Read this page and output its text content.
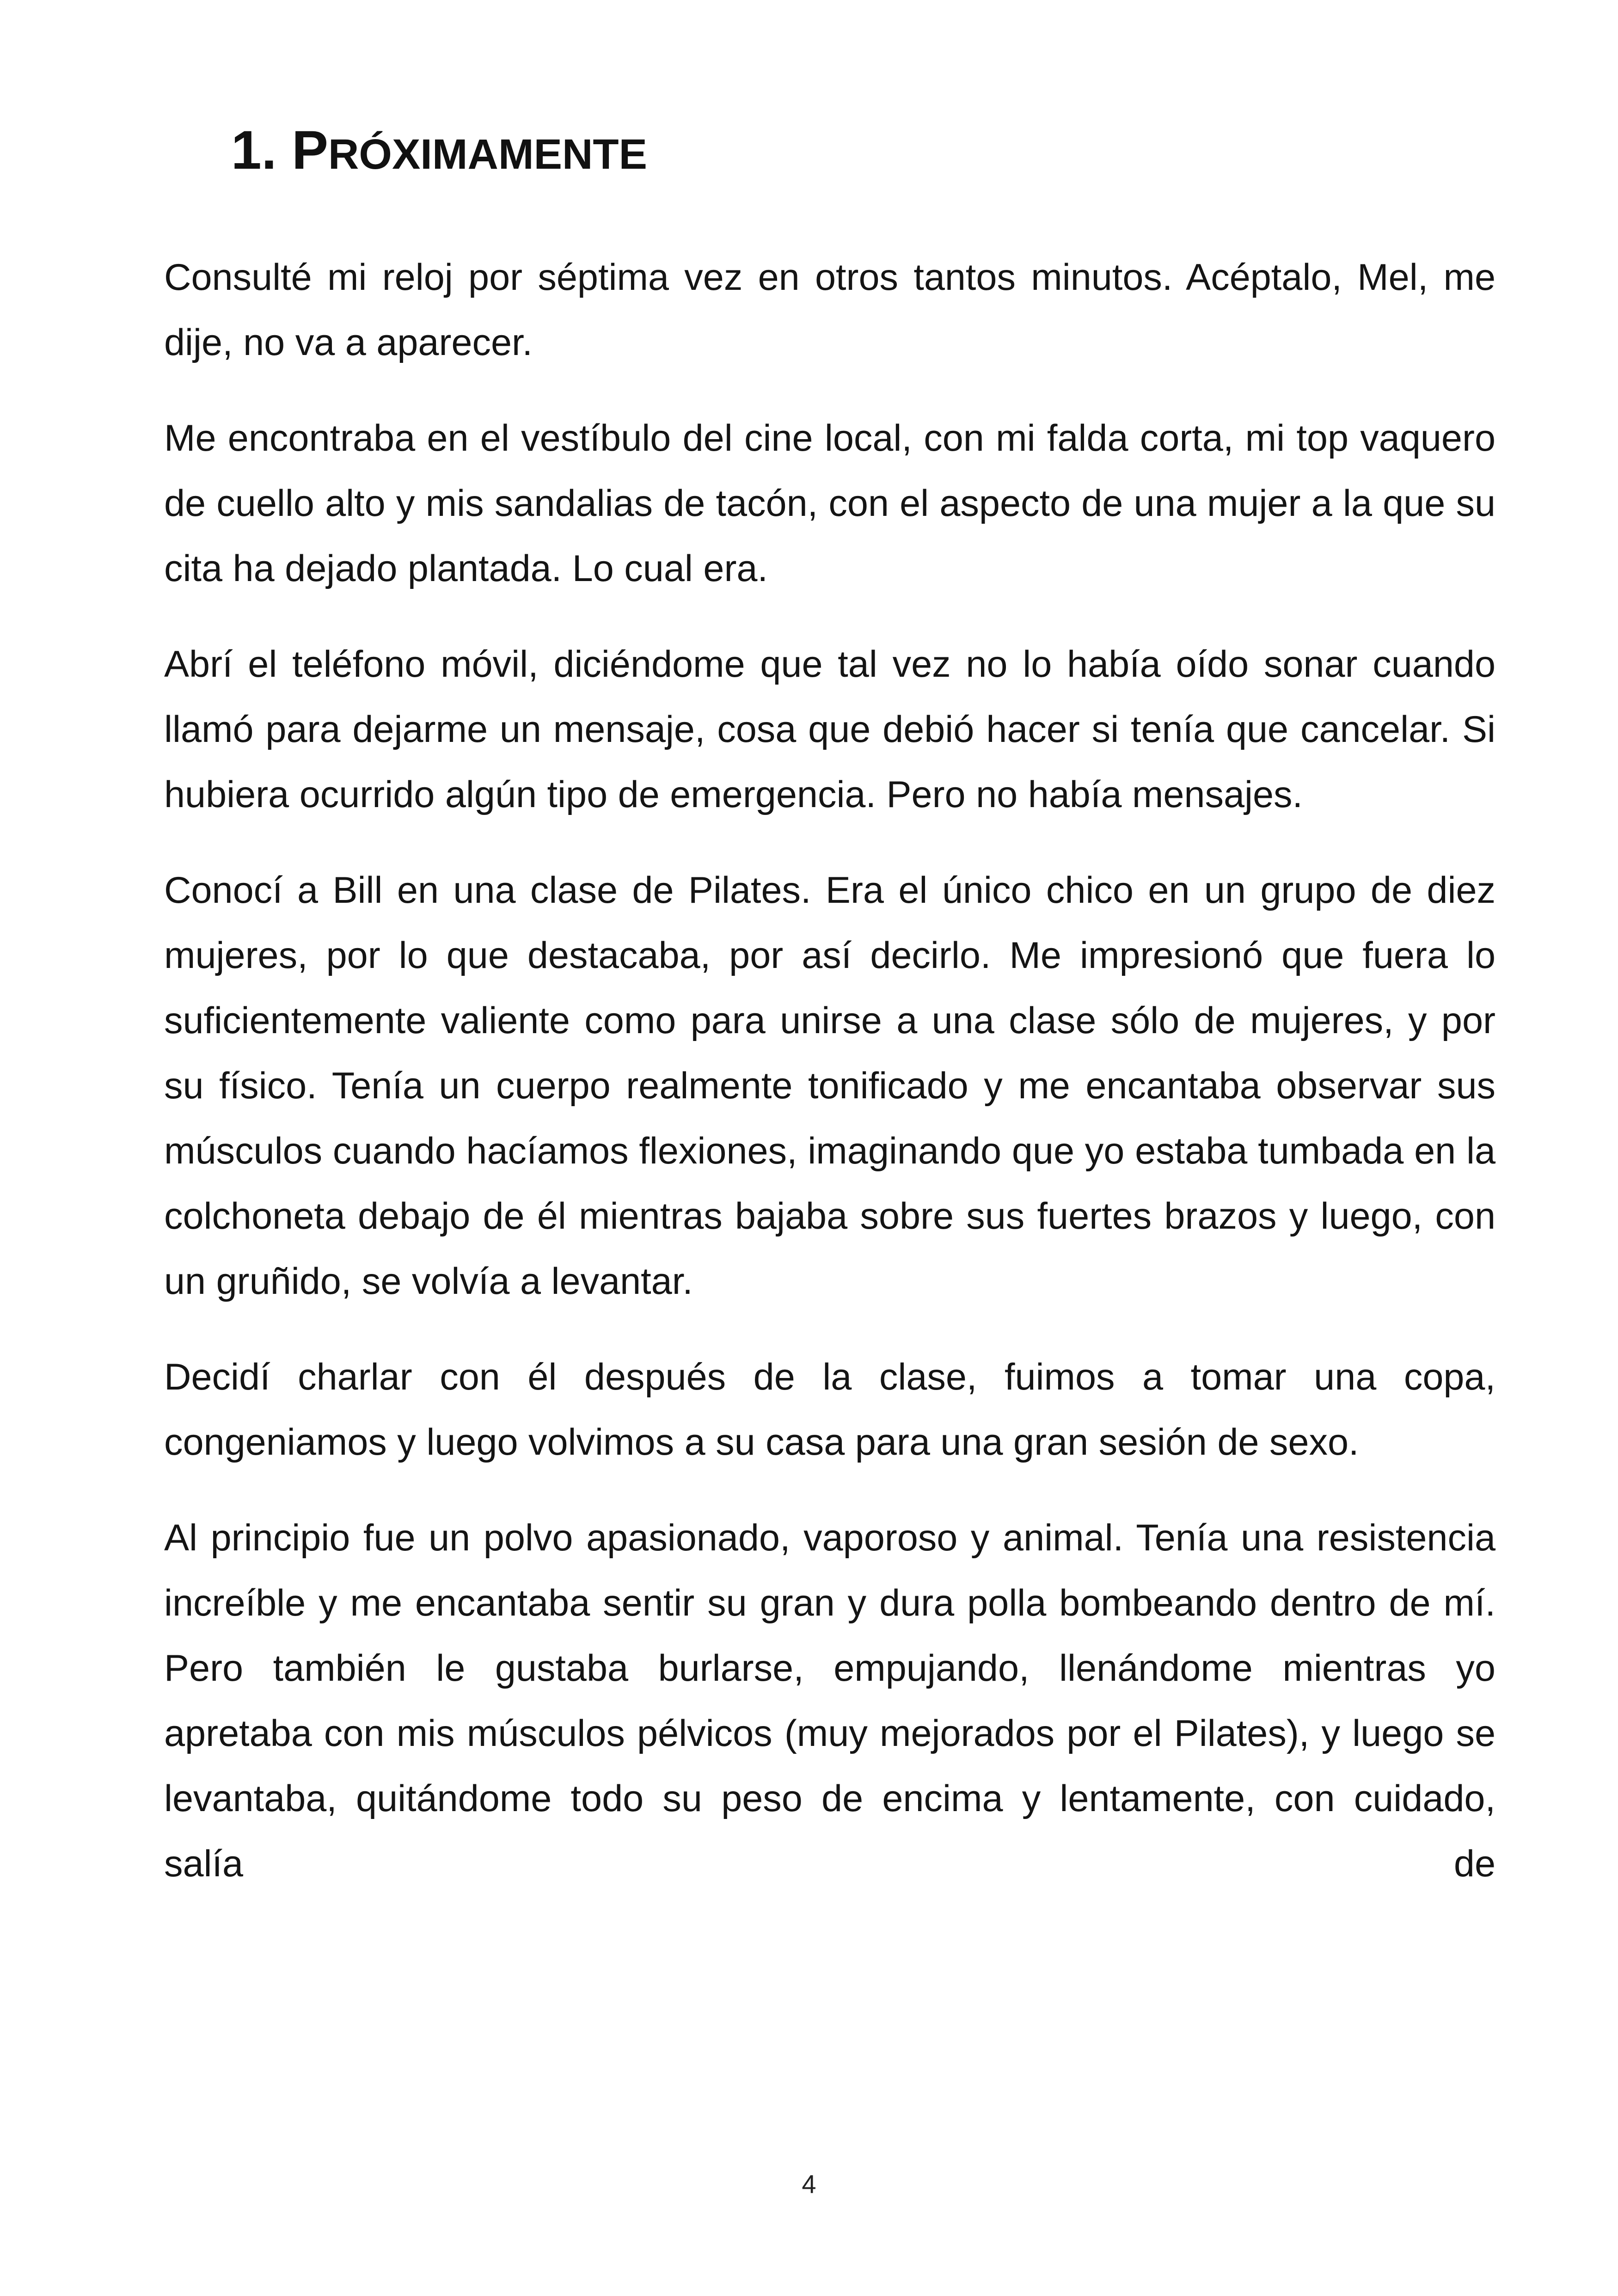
1. PRÓXIMAMENTE

Consulté mi reloj por séptima vez en otros tantos minutos. Acéptalo, Mel, me dije, no va a aparecer.

Me encontraba en el vestíbulo del cine local, con mi falda corta, mi top vaquero de cuello alto y mis sandalias de tacón, con el aspecto de una mujer a la que su cita ha dejado plantada. Lo cual era.

Abrí el teléfono móvil, diciéndome que tal vez no lo había oído sonar cuando llamó para dejarme un mensaje, cosa que debió hacer si tenía que cancelar. Si hubiera ocurrido algún tipo de emergencia. Pero no había mensajes.

Conocí a Bill en una clase de Pilates. Era el único chico en un grupo de diez mujeres, por lo que destacaba, por así decirlo. Me impresionó que fuera lo suficientemente valiente como para unirse a una clase sólo de mujeres, y por su físico. Tenía un cuerpo realmente tonificado y me encantaba observar sus músculos cuando hacíamos flexiones, imaginando que yo estaba tumbada en la colchoneta debajo de él mientras bajaba sobre sus fuertes brazos y luego, con un gruñido, se volvía a levantar.

Decidí charlar con él después de la clase, fuimos a tomar una copa, congeniamos y luego volvimos a su casa para una gran sesión de sexo.

Al principio fue un polvo apasionado, vaporoso y animal. Tenía una resistencia increíble y me encantaba sentir su gran y dura polla bombeando dentro de mí. Pero también le gustaba burlarse, empujando, llenándome mientras yo apretaba con mis músculos pélvicos (muy mejorados por el Pilates), y luego se levantaba, quitándome todo su peso de encima y lentamente, con cuidado, salía de

4
